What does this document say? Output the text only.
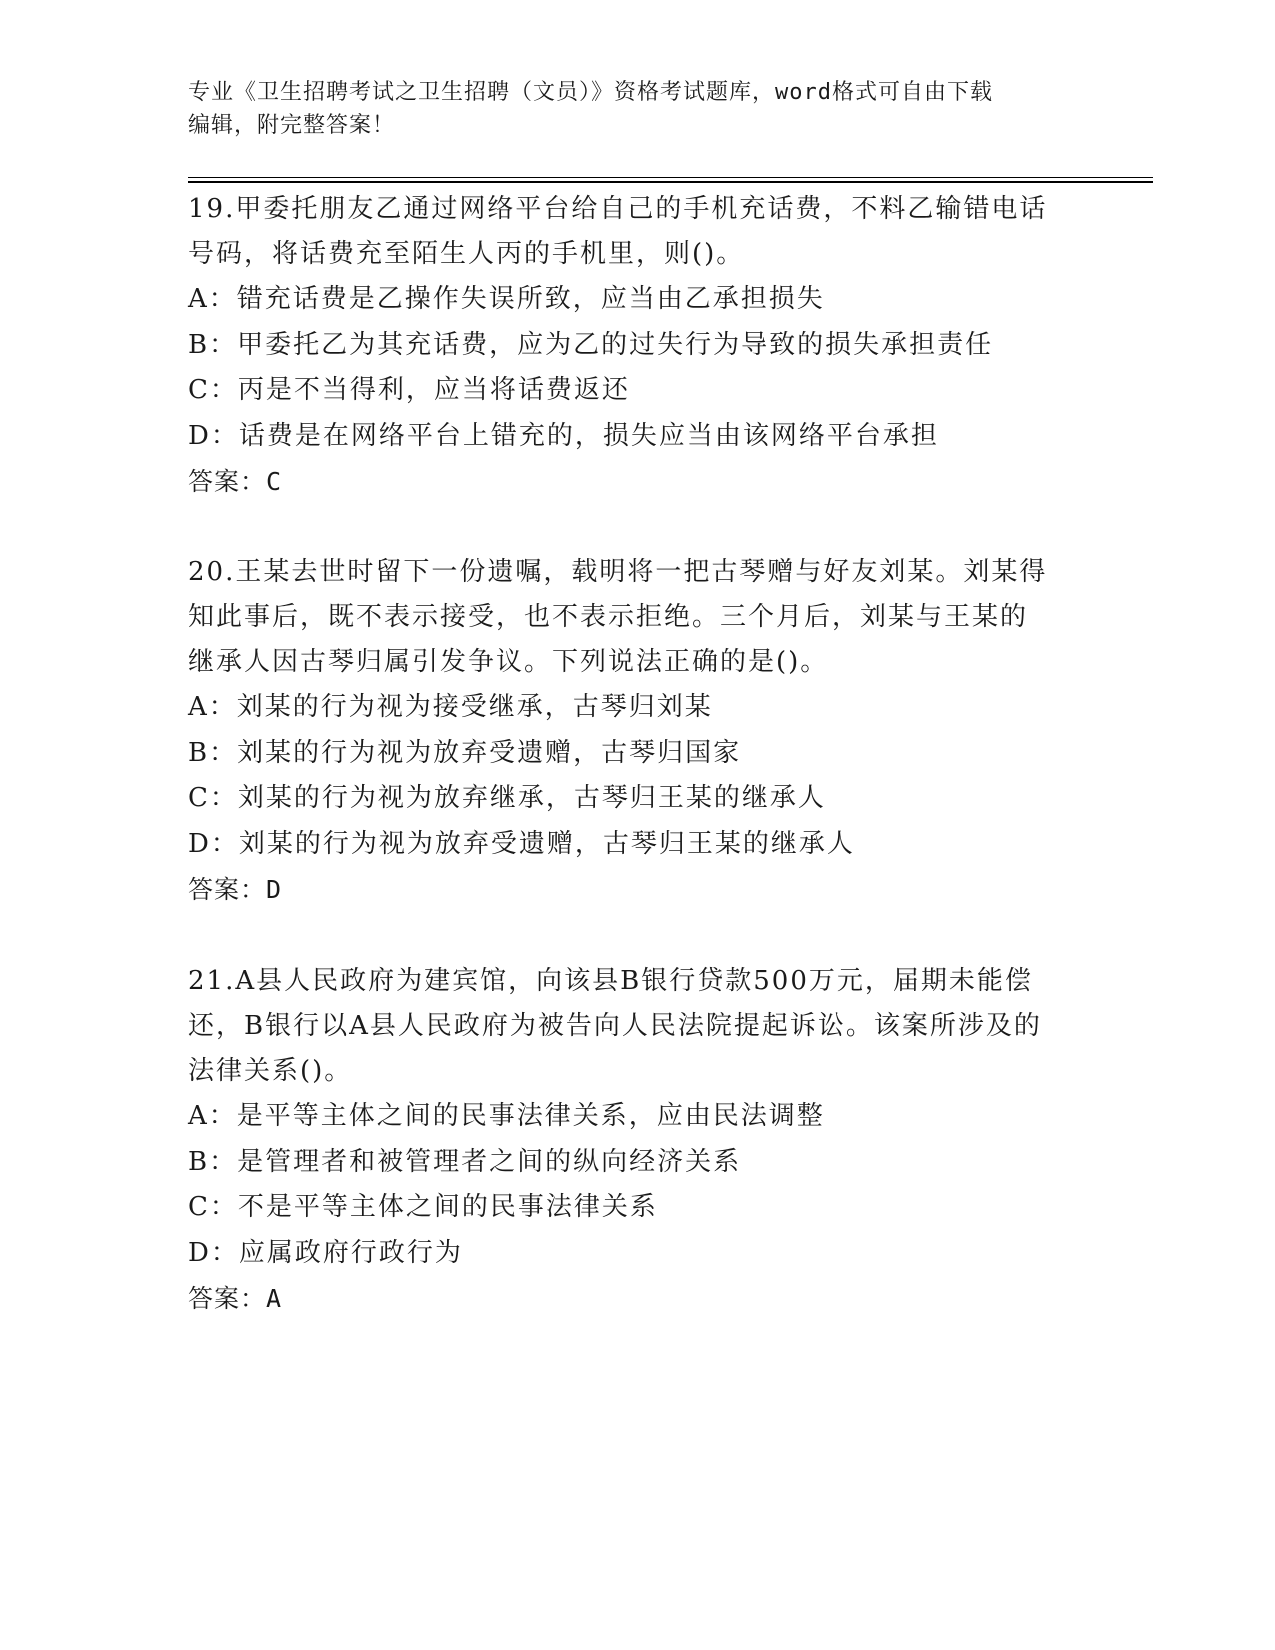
专业《卫生招聘考试之卫生招聘（文员）》资格考试题库，word格式可自由下载
编辑，附完整答案！
19.甲委托朋友乙通过网络平台给自己的手机充话费，不料乙输错电话
号码，将话费充至陌生人丙的手机里，则()。
A：错充话费是乙操作失误所致，应当由乙承担损失
B：甲委托乙为其充话费，应为乙的过失行为导致的损失承担责任
C：丙是不当得利，应当将话费返还
D：话费是在网络平台上错充的，损失应当由该网络平台承担
答案：C
20.王某去世时留下一份遗嘱，载明将一把古琴赠与好友刘某。刘某得
知此事后，既不表示接受，也不表示拒绝。三个月后，刘某与王某的
继承人因古琴归属引发争议。下列说法正确的是()。
A：刘某的行为视为接受继承，古琴归刘某
B：刘某的行为视为放弃受遗赠，古琴归国家
C：刘某的行为视为放弃继承，古琴归王某的继承人
D：刘某的行为视为放弃受遗赠，古琴归王某的继承人
答案：D
21.A县人民政府为建宾馆，向该县B银行贷款500万元，届期未能偿
还，B银行以A县人民政府为被告向人民法院提起诉讼。该案所涉及的
法律关系()。
A：是平等主体之间的民事法律关系，应由民法调整
B：是管理者和被管理者之间的纵向经济关系
C：不是平等主体之间的民事法律关系
D：应属政府行政行为
答案：A
